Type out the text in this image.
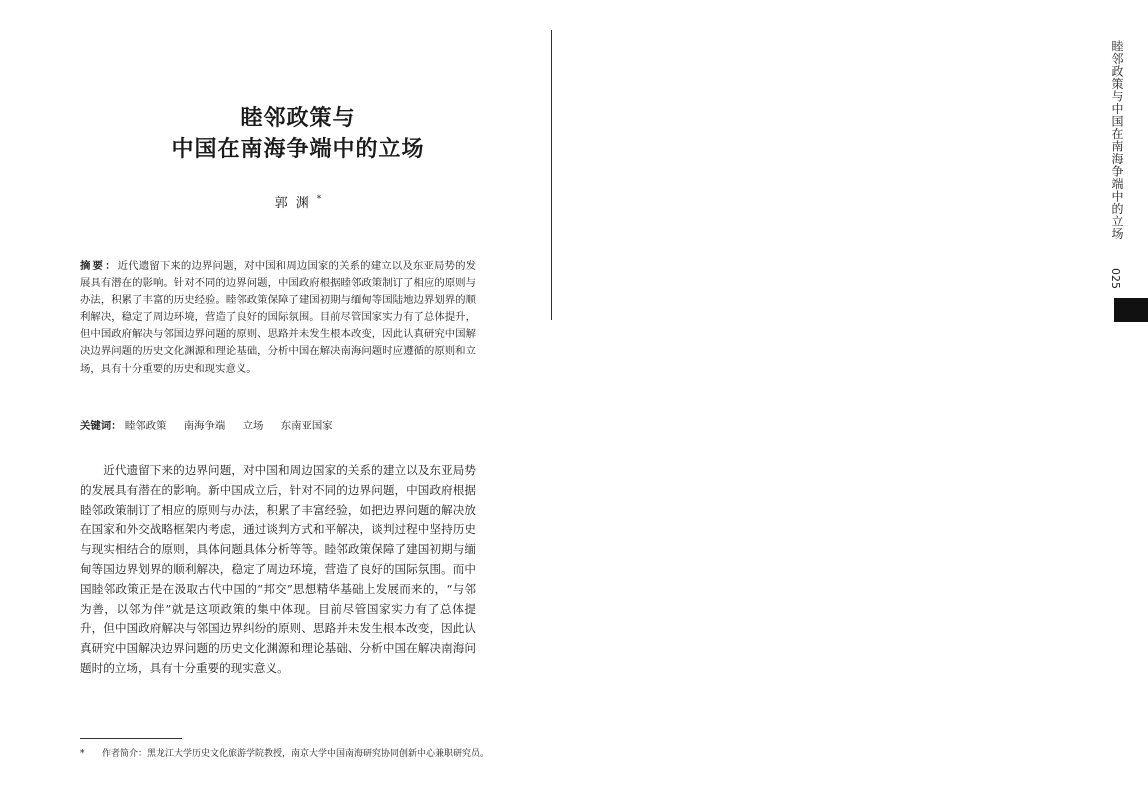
睦邻政策与中国在南海争端中的立场
025
睦邻政策与
中国在南海争端中的立场
郭渊*
摘要：近代遗留下来的边界问题，对中国和周边国家的关系的建立以及东亚局势的发展具有潜在的影响。针对不同的边界问题，中国政府根据睦邻政策制订了相应的原则与办法，积累了丰富的历史经验。睦邻政策保障了建国初期与缅甸等国陆地边界划界的顺利解决，稳定了周边环境，营造了良好的国际氛围。目前尽管国家实力有了总体提升，但中国政府解决与邻国边界问题的原则、思路并未发生根本改变，因此认真研究中国解决边界问题的历史文化渊源和理论基础，分析中国在解决南海问题时应遵循的原则和立场，具有十分重要的历史和现实意义。
关键词： 睦邻政策 南海争端 立场 东南亚国家
近代遗留下来的边界问题，对中国和周边国家的关系的建立以及东亚局势的发展具有潜在的影响。新中国成立后，针对不同的边界问题，中国政府根据睦邻政策制订了相应的原则与办法，积累了丰富经验，如把边界问题的解决放在国家和外交战略框架内考虑，通过谈判方式和平解决，谈判过程中坚持历史与现实相结合的原则，具体问题具体分析等等。睦邻政策保障了建国初期与缅甸等国边界划界的顺利解决，稳定了周边环境，营造了良好的国际氛围。而中国睦邻政策正是在汲取古代中国的“邦交”思想精华基础上发展而来的，“与邻为善，以邻为伴”就是这项政策的集中体现。目前尽管国家实力有了总体提升，但中国政府解决与邻国边界纠纷的原则、思路并未发生根本改变，因此认真研究中国解决边界问题的历史文化渊源和理论基础、分析中国在解决南海问题时的立场，具有十分重要的现实意义。
* 作者简介：黑龙江大学历史文化旅游学院教授，南京大学中国南海研究协同创新中心兼职研究员。
